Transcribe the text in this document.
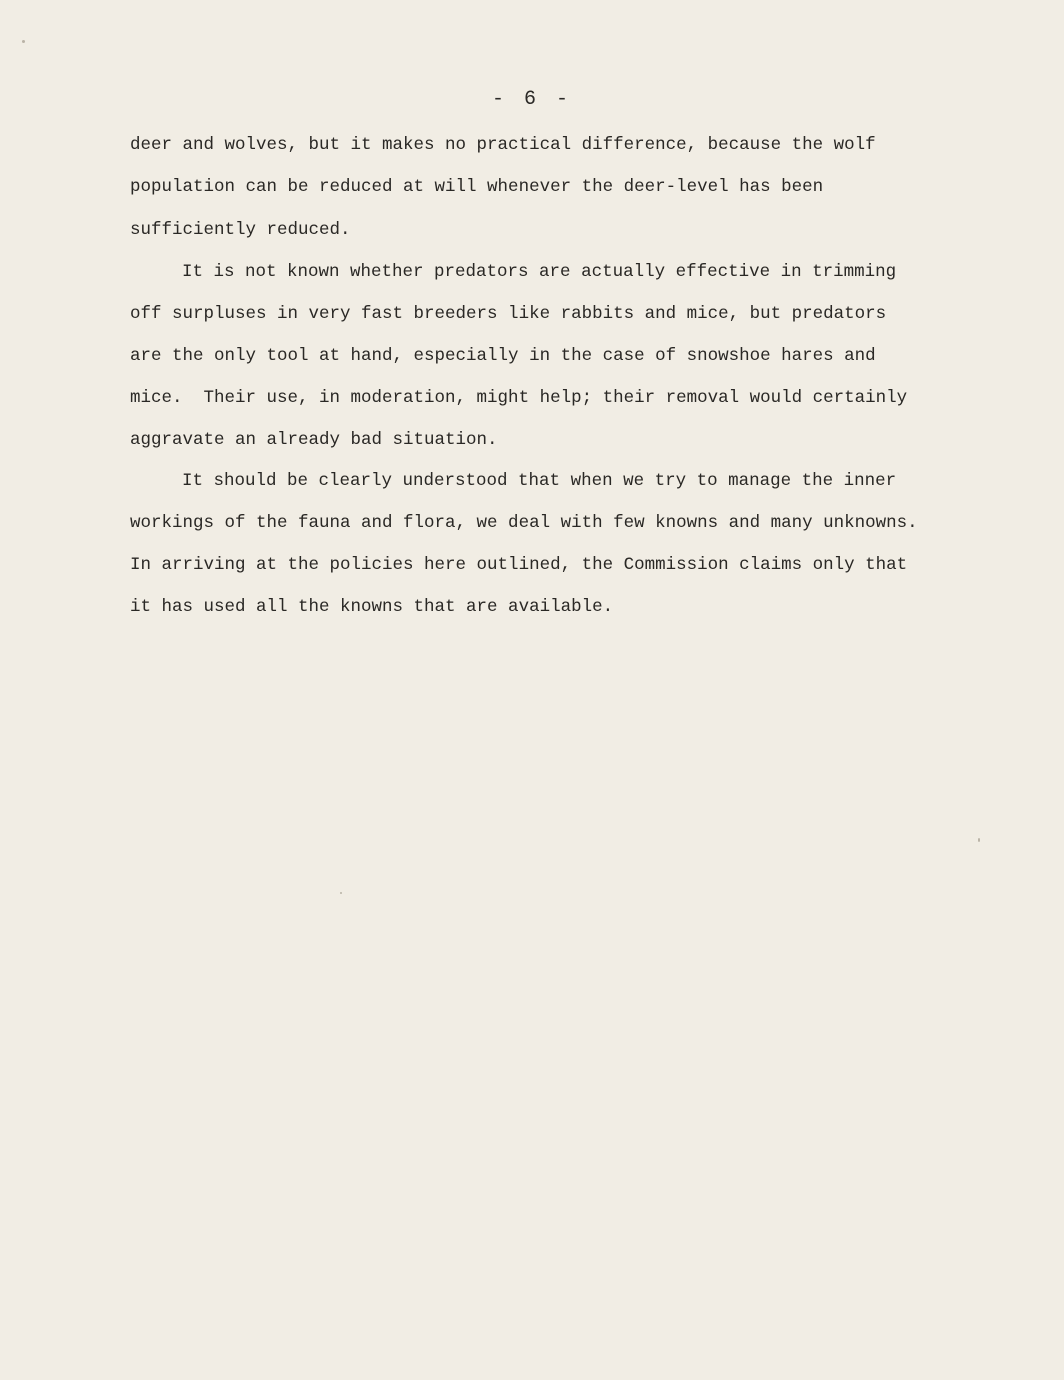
- 6 -

deer and wolves, but it makes no practical difference, because the wolf

population can be reduced at will whenever the deer-level has been

sufficiently reduced.

It is not known whether predators are actually effective in trimming

off surpluses in very fast breeders like rabbits and mice, but predators

are the only tool at hand, especially in the case of snowshoe hares and

mice.  Their use, in moderation, might help; their removal would certainly

aggravate an already bad situation.

It should be clearly understood that when we try to manage the inner

workings of the fauna and flora, we deal with few knowns and many unknowns.

In arriving at the policies here outlined, the Commission claims only that

it has used all the knowns that are available.
